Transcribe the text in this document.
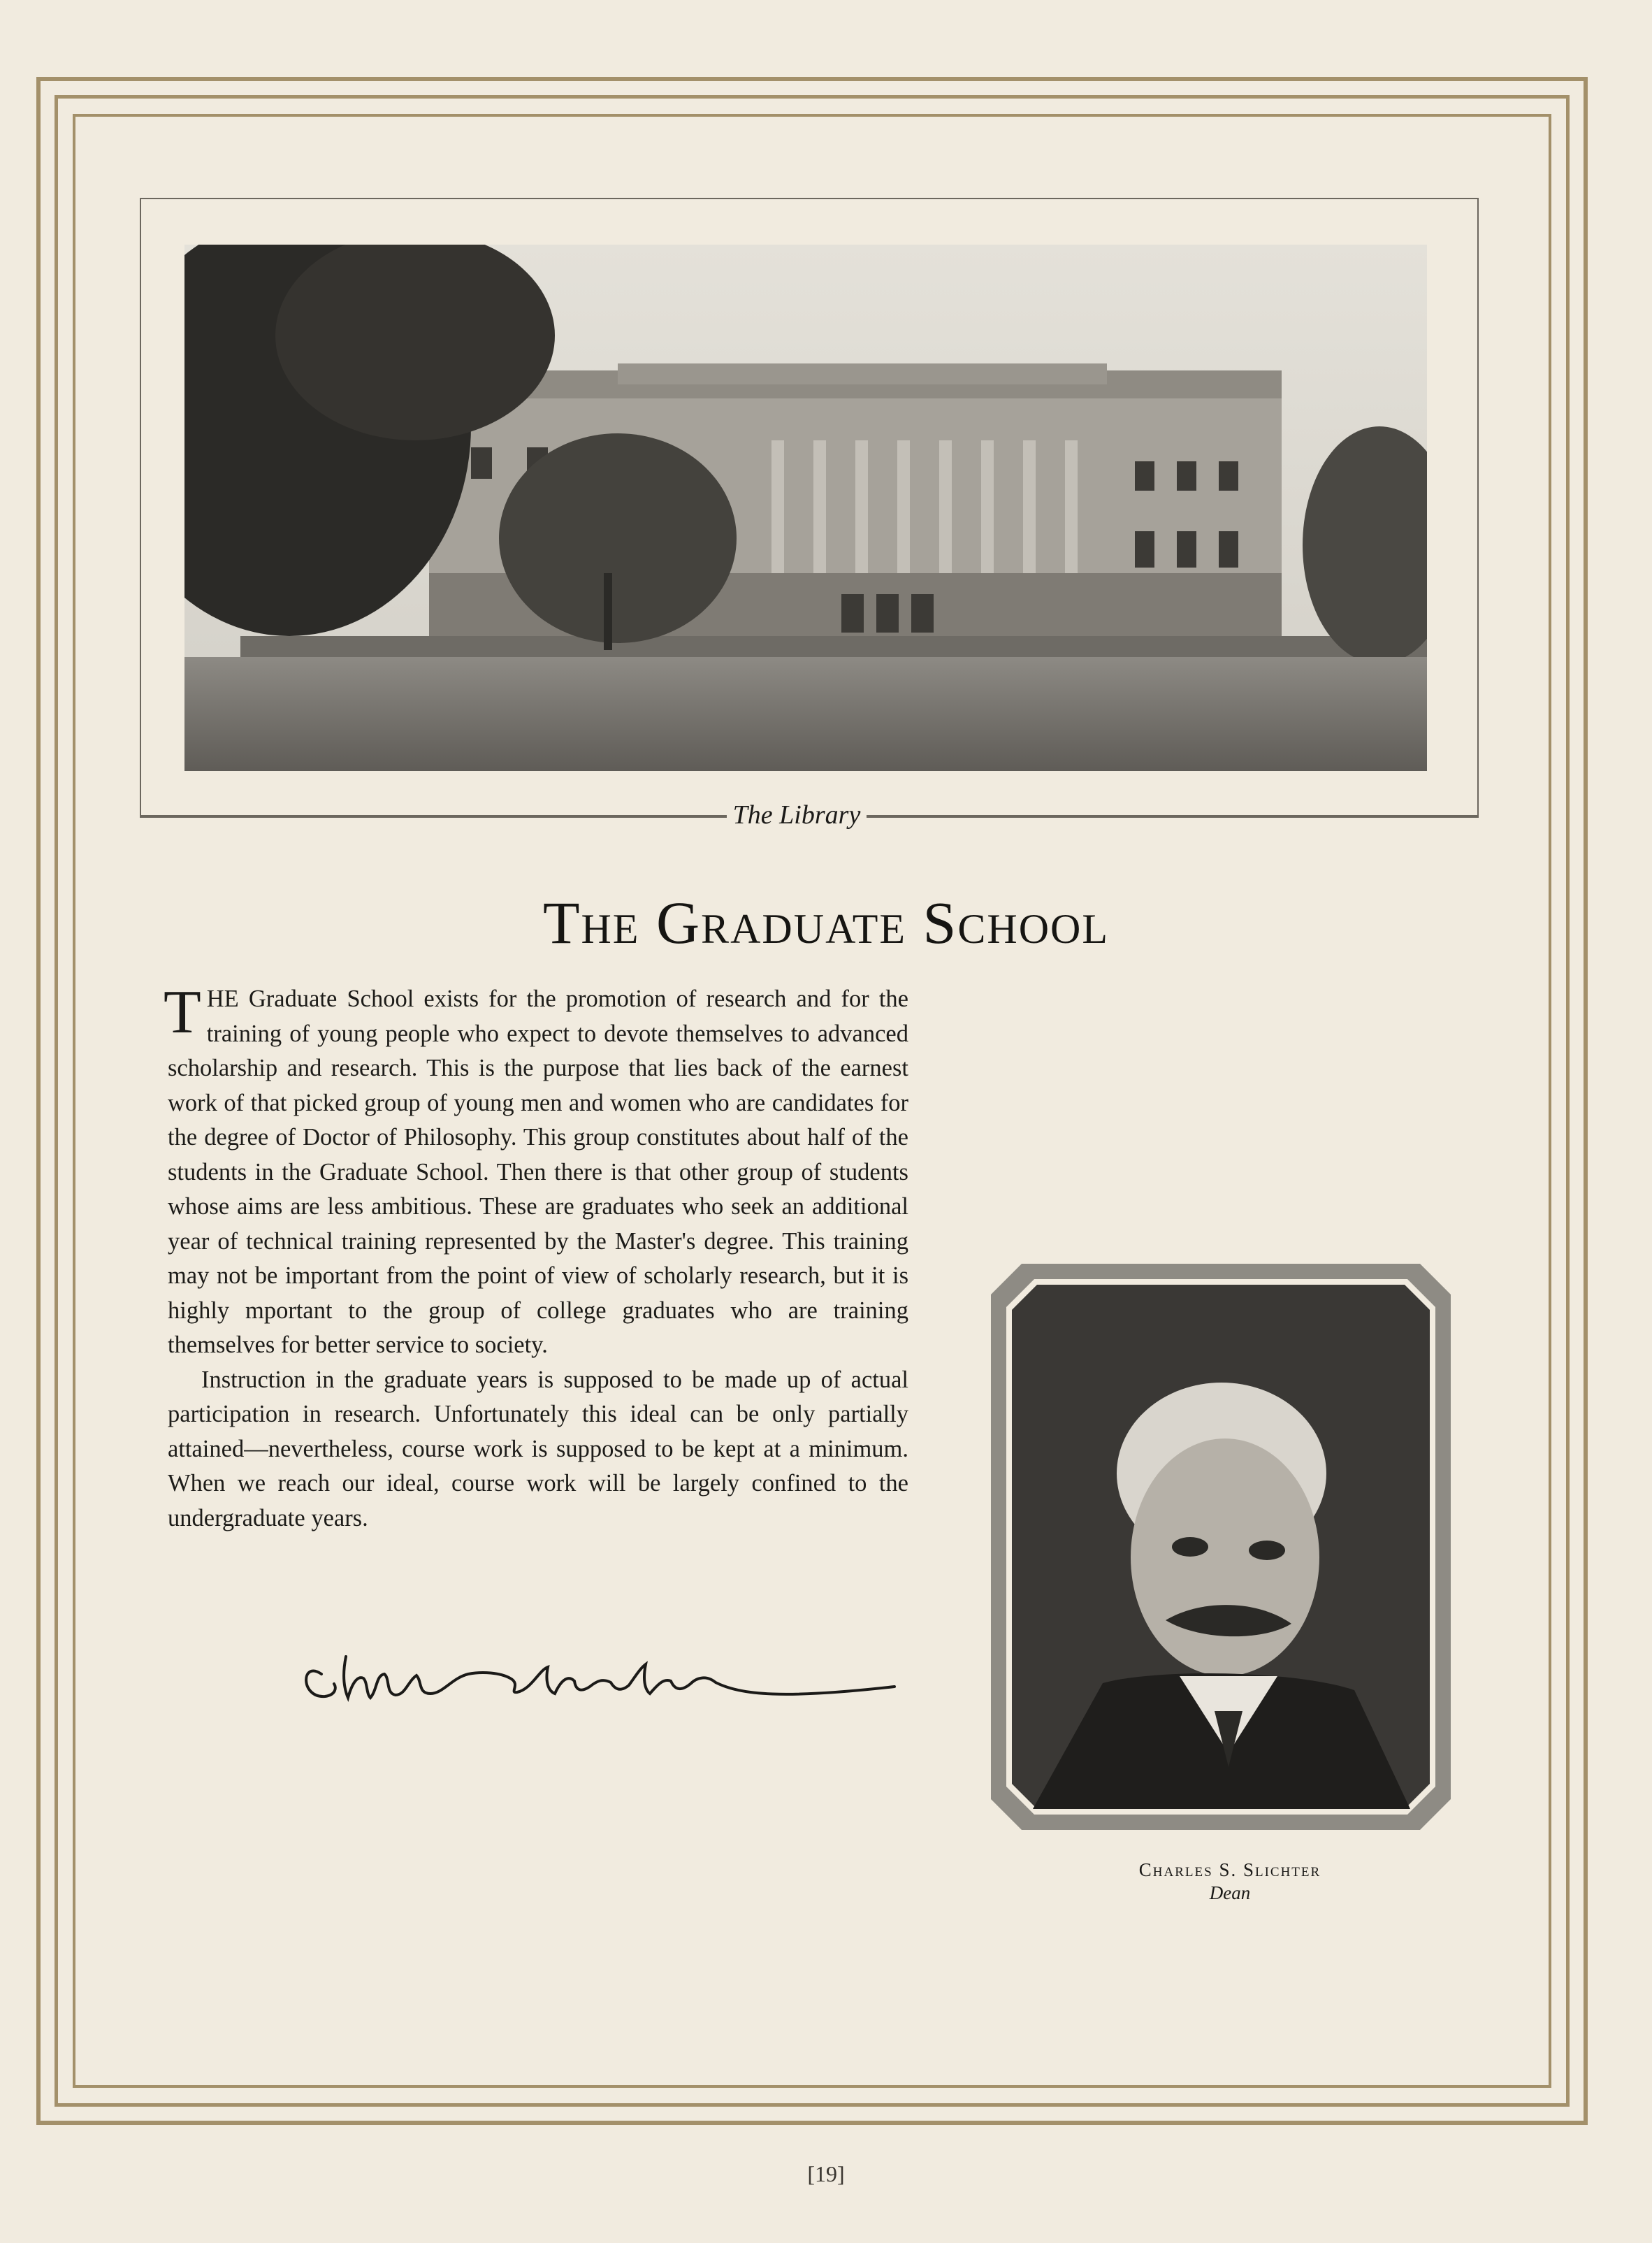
The Library
The Graduate School

THE Graduate School exists for the promotion of research and for the training of young people who expect to devote themselves to advanced scholarship and research. This is the purpose that lies back of the earnest work of that picked group of young men and women who are candidates for the degree of Doctor of Philosophy. This group constitutes about half of the students in the Graduate School. Then there is that other group of students whose aims are less ambitious. These are graduates who seek an additional year of technical training represented by the Master's degree. This training may not be important from the point of view of scholarly research, but it is highly mportant to the group of college graduates who are training themselves for better service to society.

Instruction in the graduate years is supposed to be made up of actual participation in research. Unfortunately this ideal can be only partially attained—nevertheless, course work is supposed to be kept at a minimum. When we reach our ideal, course work will be largely confined to the undergraduate years.

Charles S. Slichter
Dean
[19]
